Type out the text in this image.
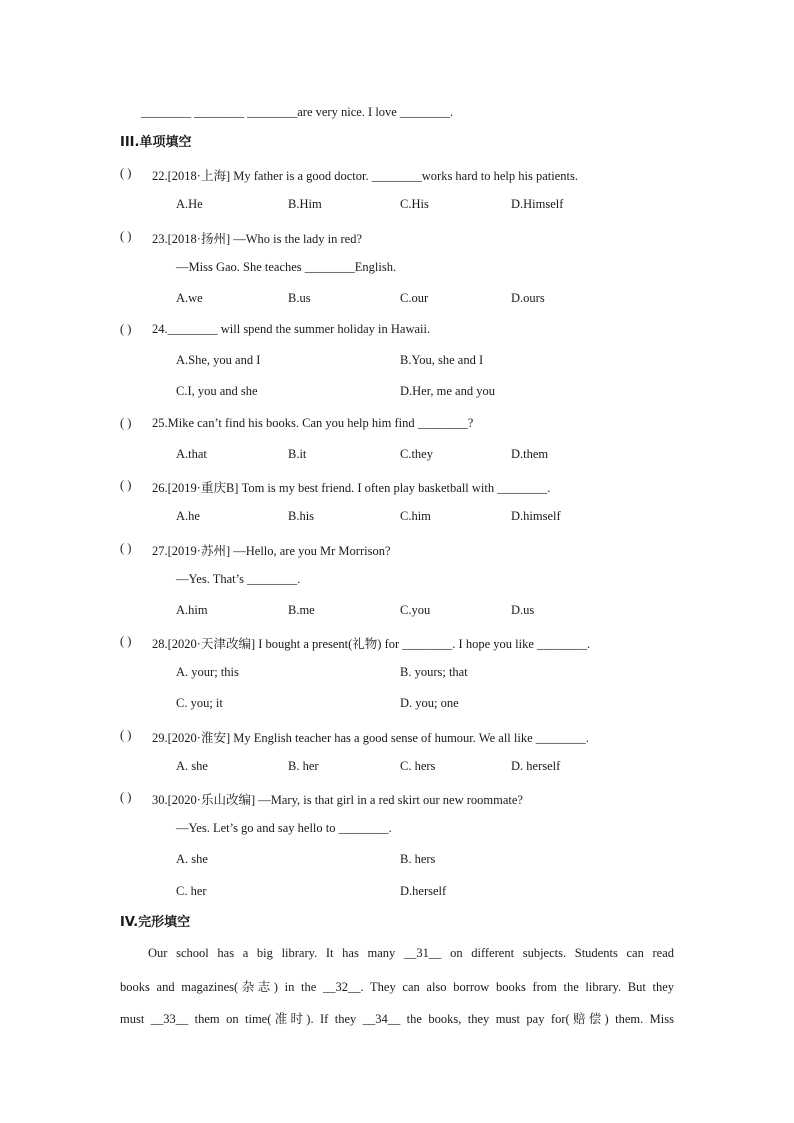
________ ________ ________are very nice. I love ________.
III.单项填空
( ) 22.[2018·上海] My father is a good doctor. ________works hard to help his patients.
A.He	B.Him	C.His	D.Himself
( ) 23.[2018·扬州] —Who is the lady in red?
—Miss Gao. She teaches ________English.
A.we	B.us	C.our	D.ours
( ) 24.________ will spend the summer holiday in Hawaii.
A.She, you and I	B.You, she and I
C.I, you and she	D.Her, me and you
( ) 25.Mike can’t find his books. Can you help him find ________?
A.that	B.it	C.they	D.them
( ) 26.[2019·重庆B] Tom is my best friend. I often play basketball with ________.
A.he	B.his	C.him	D.himself
( ) 27.[2019·苏州] —Hello, are you Mr Morrison?
—Yes. That’s ________.
A.him	B.me	C.you	D.us
( ) 28.[2020·天津改编] I bought a present(礼物) for ________. I hope you like ________.
A. your; this	B. yours; that
C. you; it	D. you; one
( ) 29.[2020·淮安] My English teacher has a good sense of humour. We all like ________.
A. she	B. her	C. hers	D. herself
( ) 30.[2020·乐山改编] —Mary, is that girl in a red skirt our new roommate?
—Yes. Let’s go and say hello to ________.
A. she	B. hers
C. her	D.herself
IV.完形填空
Our school has a big library. It has many __31__ on different subjects. Students can read
books and magazines(杂志) in the __32__. They can also borrow books from the library. But they
must __33__ them on time(准时). If they __34__ the books, they must pay for(赔偿) them. Miss
